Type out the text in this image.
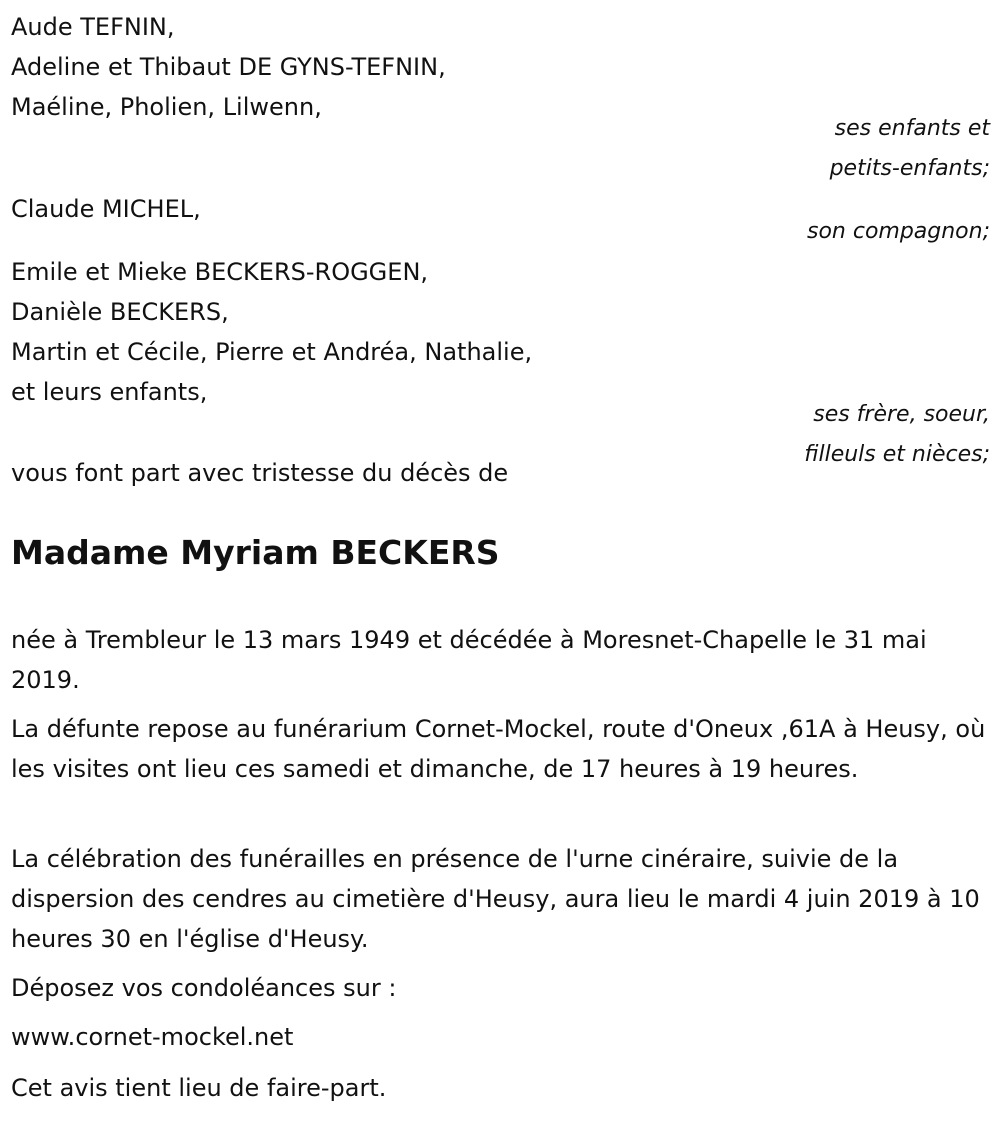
Aude TEFNIN,
Adeline et Thibaut DE GYNS-TEFNIN,
Maéline, Pholien, Lilwenn,
ses enfants et
petits-enfants;
Claude MICHEL,
son compagnon;
Emile et Mieke BECKERS-ROGGEN,
Danièle BECKERS,
Martin et Cécile, Pierre et Andréa, Nathalie,
et leurs enfants,
ses frère, soeur,
filleuls et nièces;
vous font part avec tristesse du décès de
Madame Myriam BECKERS
née à Trembleur le 13 mars 1949 et décédée à Moresnet-Chapelle le 31 mai 2019.
La défunte repose au funérarium Cornet-Mockel, route d'Oneux ,61A à Heusy, où les visites ont lieu ces samedi et dimanche, de 17 heures à 19 heures.
La célébration des funérailles en présence de l'urne cinéraire, suivie de la dispersion des cendres au cimetière d'Heusy, aura lieu le mardi 4 juin 2019 à 10 heures 30 en l'église d'Heusy.
Déposez vos condoléances sur :
www.cornet-mockel.net
Cet avis tient lieu de faire-part.
